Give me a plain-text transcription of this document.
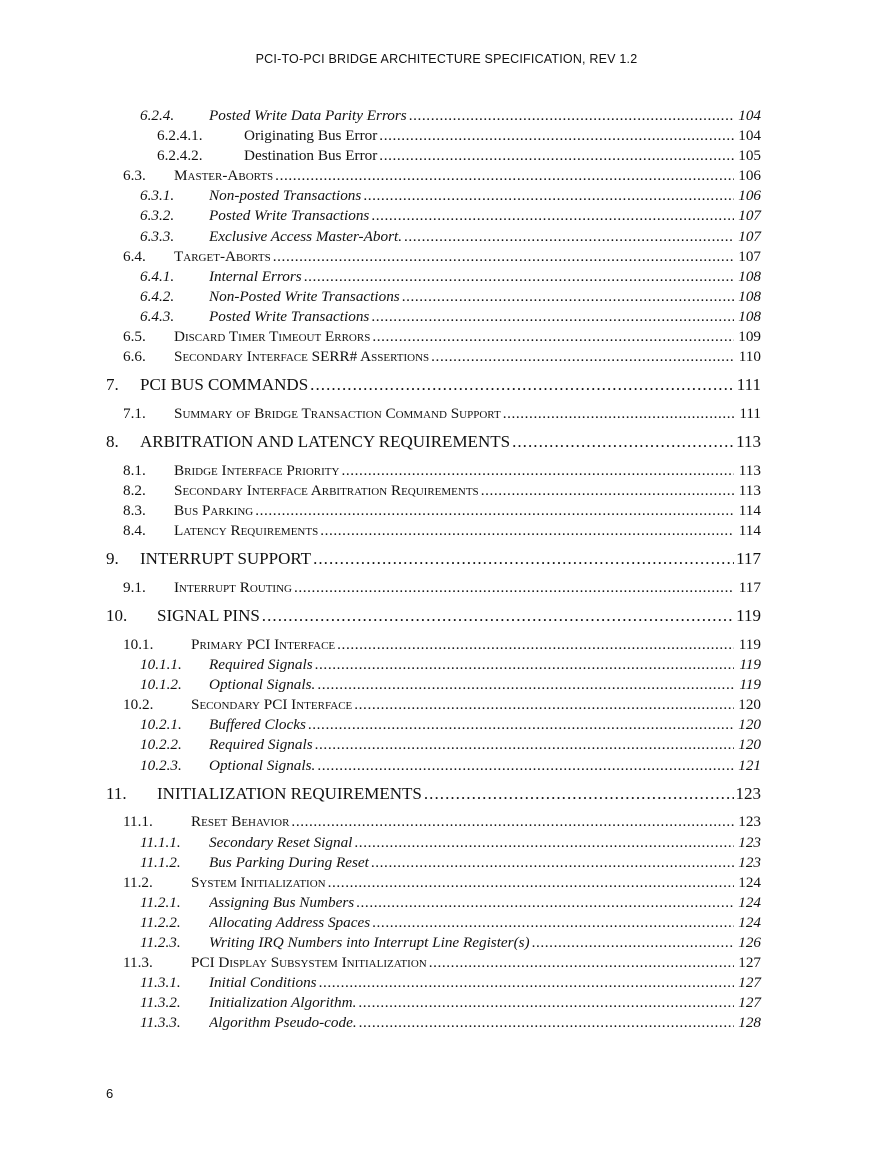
PCI-TO-PCI BRIDGE ARCHITECTURE SPECIFICATION, REV 1.2
6.2.4. Posted Write Data Parity Errors . . .	104
6.2.4.1.	Originating Bus Error . . .	104
6.2.4.2.	Destination Bus Error . . .	105
6.3. Master-Aborts . . .	106
6.3.1. Non-posted Transactions . . .	106
6.3.2. Posted Write Transactions . . .	107
6.3.3. Exclusive Access Master-Abort. . . .	107
6.4. Target-Aborts . . .	107
6.4.1. Internal Errors . . .	108
6.4.2. Non-Posted Write Transactions . . .	108
6.4.3. Posted Write Transactions . . .	108
6.5. Discard Timer Timeout Errors . . .	109
6.6. Secondary Interface SERR# Assertions . . .	110
7. PCI BUS COMMANDS . . .	111
7.1. Summary of Bridge Transaction Command Support . . .	111
8. ARBITRATION AND LATENCY REQUIREMENTS . . .	113
8.1. Bridge Interface Priority . . .	113
8.2. Secondary Interface Arbitration Requirements . . .	113
8.3. Bus Parking . . .	114
8.4. Latency Requirements . . .	114
9. INTERRUPT SUPPORT . . .	117
9.1. Interrupt Routing . . .	117
10. SIGNAL PINS . . .	119
10.1. Primary PCI Interface . . .	119
10.1.1. Required Signals . . .	119
10.1.2. Optional Signals. . . .	119
10.2. Secondary PCI Interface . . .	120
10.2.1. Buffered Clocks . . .	120
10.2.2. Required Signals . . .	120
10.2.3. Optional Signals. . . .	121
11. INITIALIZATION REQUIREMENTS . . .	123
11.1.	Reset Behavior . . .	123
11.1.1. Secondary Reset Signal . . .	123
11.1.2. Bus Parking During Reset . . .	123
11.2.	System Initialization . . .	124
11.2.1. Assigning Bus Numbers . . .	124
11.2.2. Allocating Address Spaces . . .	124
11.2.3. Writing IRQ Numbers into Interrupt Line Register(s) . . .	126
11.3.	PCI Display Subsystem Initialization . . .	127
11.3.1. Initial Conditions . . .	127
11.3.2. Initialization Algorithm. . . .	127
11.3.3. Algorithm Pseudo-code. . . .	128
6
